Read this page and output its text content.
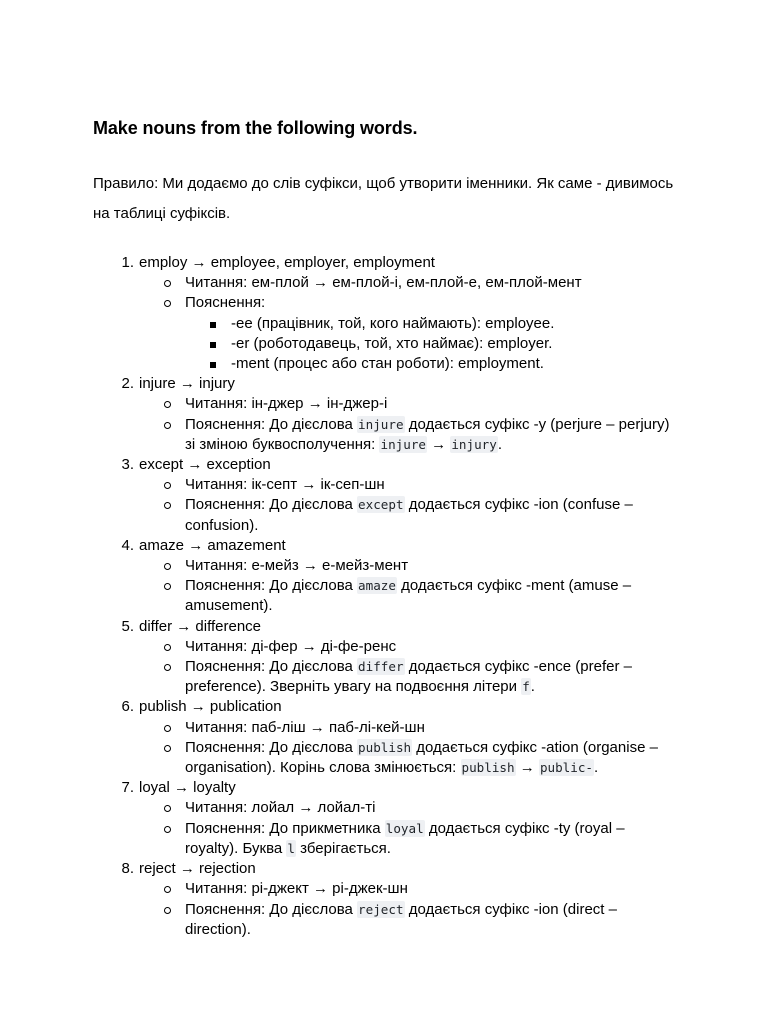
Make nouns from the following words.

Правило: Ми додаємо до слів суфікси, щоб утворити іменники. Як саме - дивимось на таблиці суфіксів.

1. employ → employee, employer, employment
Читання: ем-плой → ем-плой-і, ем-плой-е, ем-плой-мент
Пояснення:
-ee (працівник, той, кого наймають): employee.
-er (роботодавець, той, хто наймає): employer.
-ment (процес або стан роботи): employment.
2. injure → injury
Читання: ін-джер → ін-джер-і
Пояснення: До дієслова injure додається суфікс -y (perjure – perjury) зі зміною буквосполучення: injure → injury.
3. except → exception
Читання: ік-септ → ік-сеп-шн
Пояснення: До дієслова except додається суфікс -ion (confuse – confusion).
4. amaze → amazement
Читання: е-мейз → е-мейз-мент
Пояснення: До дієслова amaze додається суфікс -ment (amuse – amusement).
5. differ → difference
Читання: ді-фер → ді-фе-ренс
Пояснення: До дієслова differ додається суфікс -ence (prefer – preference). Зверніть увагу на подвоєння літери f.
6. publish → publication
Читання: паб-ліш → паб-лі-кей-шн
Пояснення: До дієслова publish додається суфікс -ation (organise – organisation). Корінь слова змінюється: publish → public-.
7. loyal → loyalty
Читання: лойал → лойал-ті
Пояснення: До прикметника loyal додається суфікс -ty (royal – royalty). Буква l зберігається.
8. reject → rejection
Читання: рі-джект → рі-джек-шн
Пояснення: До дієслова reject додається суфікс -ion (direct – direction).
